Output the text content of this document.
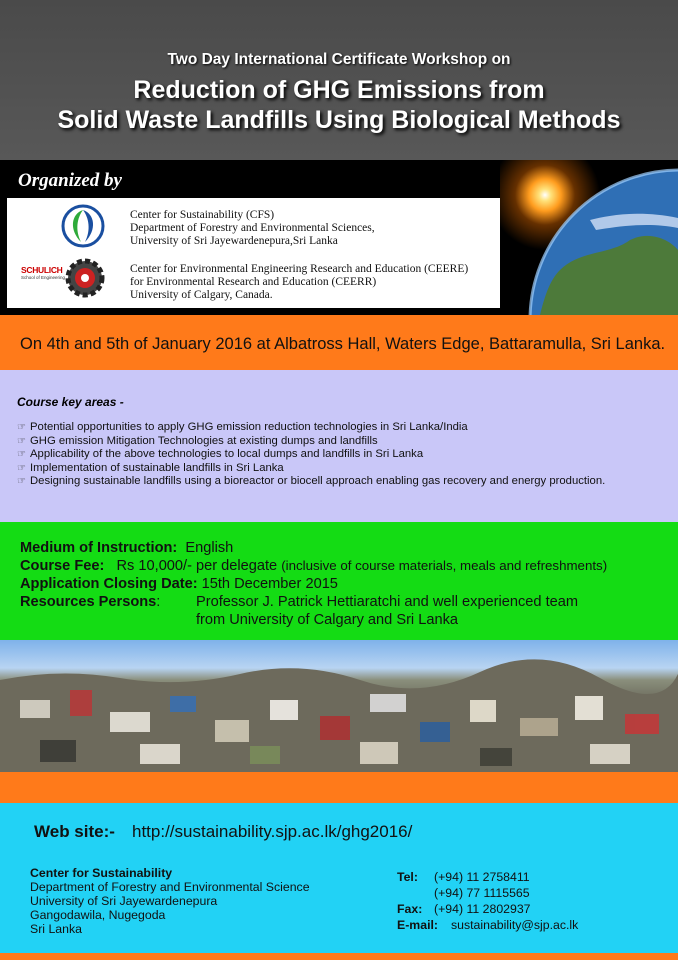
Two Day International Certificate Workshop on
Reduction of GHG Emissions from
Solid Waste Landfills Using Biological Methods
Organized by
Center for Sustainability (CFS)
Department of Forestry and Environmental Sciences,
University of Sri Jayewardenepura,Sri Lanka
SCHULICH
School of Engineering
Center for Environmental Engineering Research and Education (CEERE)
for Environmental Research and Education (CEERR)
University of Calgary, Canada.
On 4th and 5th of January 2016 at Albatross Hall, Waters Edge, Battaramulla, Sri Lanka.
Course key areas -
☞ Potential opportunities to apply GHG emission reduction technologies in Sri Lanka/India
☞ GHG emission Mitigation Technologies at existing dumps and landfills
☞ Applicability of the above technologies to local dumps and landfills in Sri Lanka
☞ Implementation of sustainable landfills in Sri Lanka
☞ Designing sustainable landfills using a bioreactor or biocell approach enabling gas recovery and energy production.
Medium of Instruction: English
Course Fee: Rs 10,000/- per delegate (inclusive of course materials, meals and refreshments)
Application Closing Date: 15th December 2015
Resources Persons: Professor J. Patrick Hettiaratchi and well experienced team
from University of Calgary and Sri Lanka
Web site:- http://sustainability.sjp.ac.lk/ghg2016/
Center for Sustainability
Department of Forestry and Environmental Science
University of Sri Jayewardenepura
Gangodawila, Nugegoda
Sri Lanka
Tel: (+94) 11 2758411
(+94) 77 1115565
Fax: (+94) 11 2802937
E-mail: sustainability@sjp.ac.lk
